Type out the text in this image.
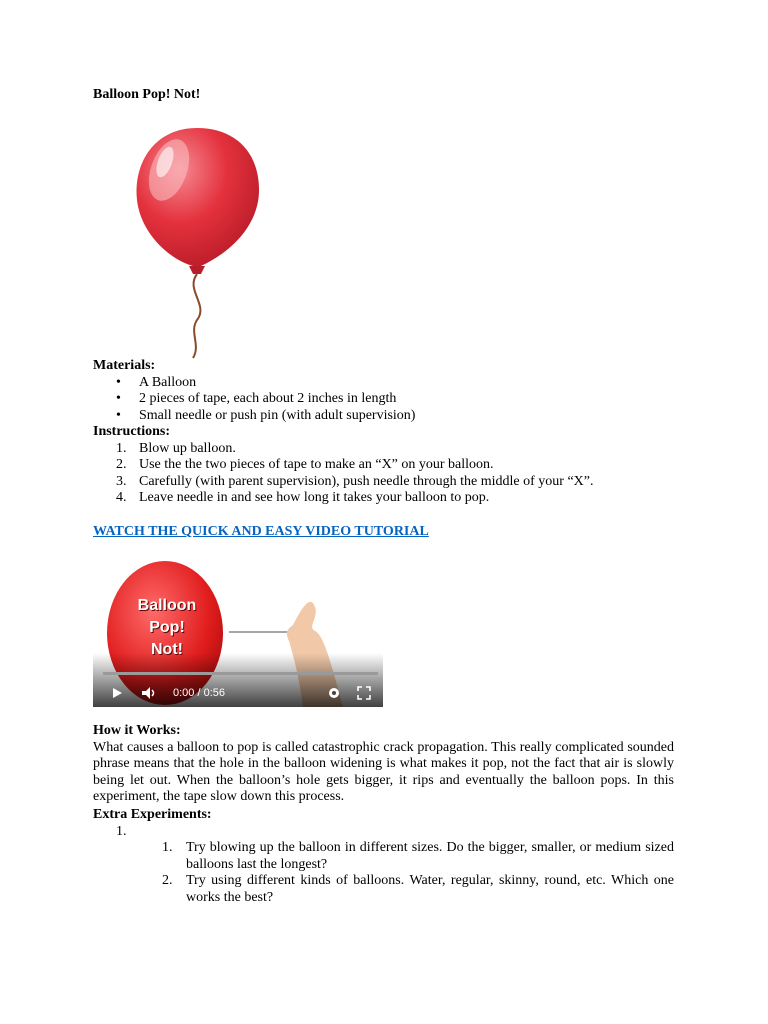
Balloon Pop! Not!
Materials:
• A Balloon
• 2 pieces of tape, each about 2 inches in length
• Small needle or push pin (with adult supervision)
Instructions:
1. Blow up balloon.
2. Use the the two pieces of tape to make an “X” on your balloon.
3. Carefully (with parent supervision), push needle through the middle of your “X”.
4. Leave needle in and see how long it takes your balloon to pop.
WATCH THE QUICK AND EASY VIDEO TUTORIAL
Balloon
Pop!
Not!
0:00 / 0:56
How it Works:

What causes a balloon to pop is called catastrophic crack propagation. This really complicated sounded phrase means that the hole in the balloon widening is what makes it pop, not the fact that air is slowly being let out. When the balloon’s hole gets bigger, it rips and eventually the balloon pops. In this experiment, the tape slow down this process.

Extra Experiments:
1.

1. Try blowing up the balloon in different sizes. Do the bigger, smaller, or medium sized balloons last the longest?
2. Try using different kinds of balloons. Water, regular, skinny, round, etc. Which one works the best?
